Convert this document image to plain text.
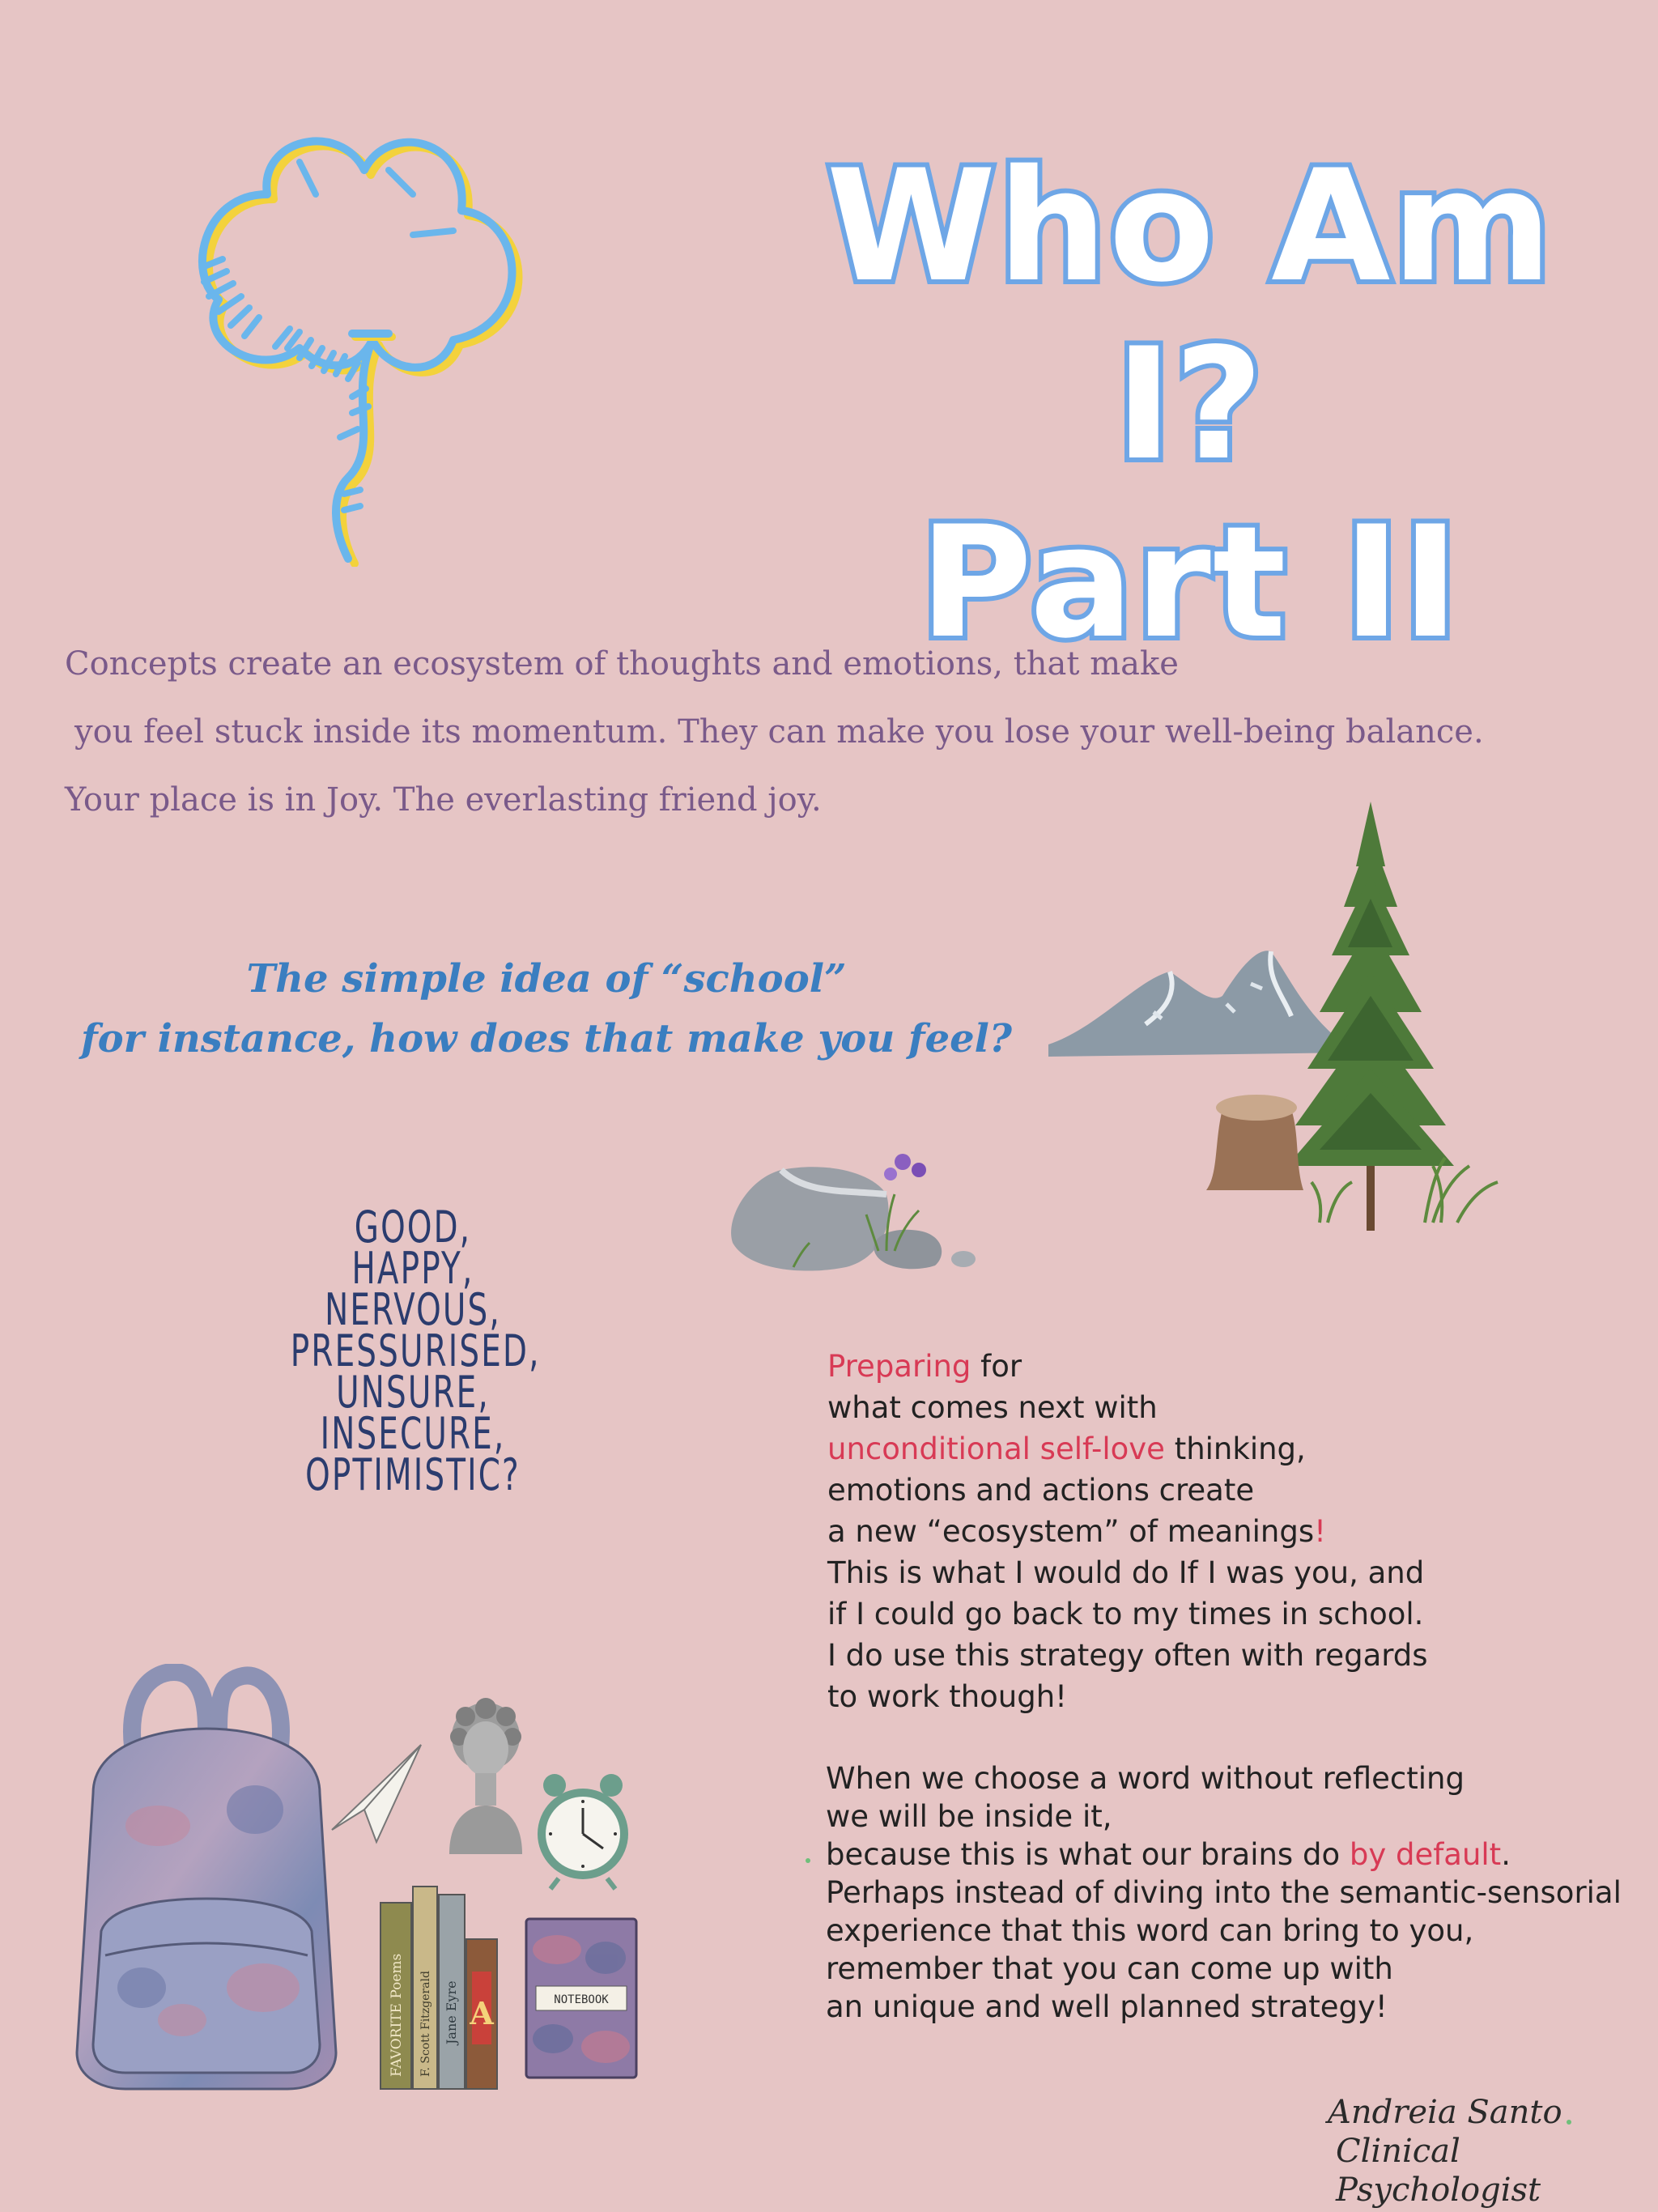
Who Am I?
Part II
Concepts create an ecosystem of thoughts and emotions, that make
you feel stuck inside its momentum. They can make you lose your well-being balance.
Your place is in Joy. The everlasting friend joy.
The simple idea of “school”
for instance, how does that make you feel?
GOOD,
HAPPY,
NERVOUS,
PRESSURISED,
UNSURE,
INSECURE,
OPTIMISTIC?
Preparing for
what comes next with
unconditional self-love thinking,
emotions and actions create
a new “ecosystem” of meanings!
This is what I would do If I was you, and
if I could go back to my times in school.
I do use this strategy often with regards
to work though!
When we choose a word without reflecting
we will be inside it,
because this is what our brains do by default.
Perhaps instead of diving into the semantic-sensorial
experience that this word can bring to you,
remember that you can come up with
an unique and well planned strategy!
A
FAVORITE Poems F. Scott Fitzgerald Jane Eyre	NOTEBOOK
Andreia Santo
Clinical Psychologist
